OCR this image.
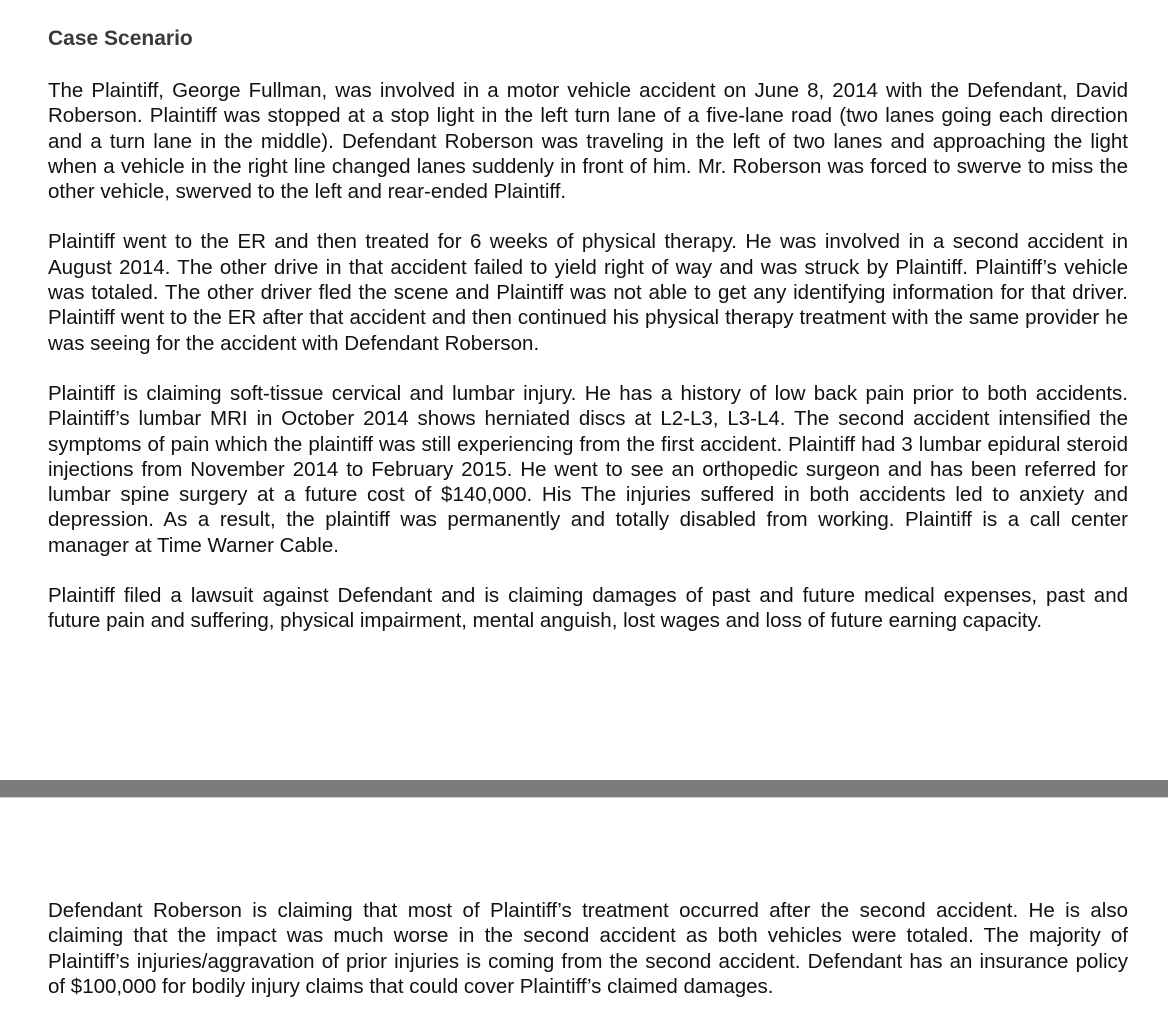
Case Scenario

The Plaintiff, George Fullman, was involved in a motor vehicle accident on June 8, 2014 with the Defendant, David Roberson. Plaintiff was stopped at a stop light in the left turn lane of a five-lane road (two lanes going each direction and a turn lane in the middle). Defendant Roberson was traveling in the left of two lanes and approaching the light when a vehicle in the right line changed lanes suddenly in front of him. Mr. Roberson was forced to swerve to miss the other vehicle, swerved to the left and rear-ended Plaintiff.

Plaintiff went to the ER and then treated for 6 weeks of physical therapy. He was involved in a second accident in August 2014. The other drive in that accident failed to yield right of way and was struck by Plaintiff. Plaintiff’s vehicle was totaled. The other driver fled the scene and Plaintiff was not able to get any identifying information for that driver. Plaintiff went to the ER after that accident and then continued his physical therapy treatment with the same provider he was seeing for the accident with Defendant Roberson.

Plaintiff is claiming soft-tissue cervical and lumbar injury. He has a history of low back pain prior to both accidents. Plaintiff’s lumbar MRI in October 2014 shows herniated discs at L2-L3, L3-L4. The second accident intensified the symptoms of pain which the plaintiff was still experiencing from the first accident. Plaintiff had 3 lumbar epidural steroid injections from November 2014 to February 2015. He went to see an orthopedic surgeon and has been referred for lumbar spine surgery at a future cost of $140,000. His The injuries suffered in both accidents led to anxiety and depression. As a result, the plaintiff was permanently and totally disabled from working. Plaintiff is a call center manager at Time Warner Cable.

Plaintiff filed a lawsuit against Defendant and is claiming damages of past and future medical expenses, past and future pain and suffering, physical impairment, mental anguish, lost wages and loss of future earning capacity.

Defendant Roberson is claiming that most of Plaintiff’s treatment occurred after the second accident. He is also claiming that the impact was much worse in the second accident as both vehicles were totaled. The majority of Plaintiff’s injuries/aggravation of prior injuries is coming from the second accident. Defendant has an insurance policy of $100,000 for bodily injury claims that could cover Plaintiff’s claimed damages.
